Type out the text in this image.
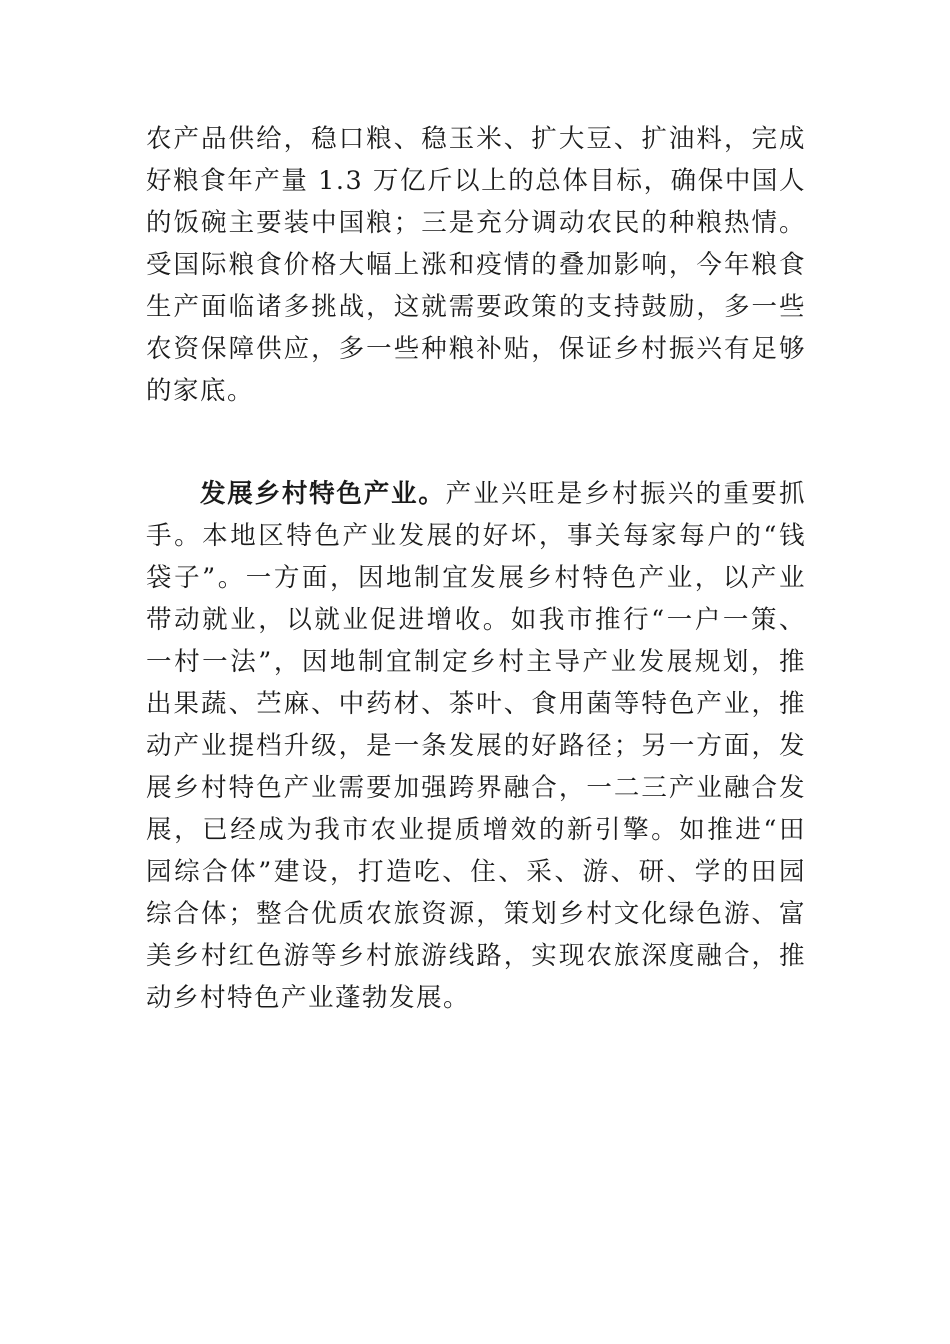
农产品供给，稳口粮、稳玉米、扩大豆、扩油料，完成好粮食年产量 1.3 万亿斤以上的总体目标，确保中国人的饭碗主要装中国粮；三是充分调动农民的种粮热情。受国际粮食价格大幅上涨和疫情的叠加影响，今年粮食生产面临诸多挑战，这就需要政策的支持鼓励，多一些农资保障供应，多一些种粮补贴，保证乡村振兴有足够的家底。
发展乡村特色产业。产业兴旺是乡村振兴的重要抓手。本地区特色产业发展的好坏，事关每家每户的“钱袋子”。一方面，因地制宜发展乡村特色产业，以产业带动就业，以就业促进增收。如我市推行“一户一策、一村一法”，因地制宜制定乡村主导产业发展规划，推出果蔬、苎麻、中药材、茶叶、食用菌等特色产业，推动产业提档升级，是一条发展的好路径；另一方面，发展乡村特色产业需要加强跨界融合，一二三产业融合发展，已经成为我市农业提质增效的新引擎。如推进“田园综合体”建设，打造吃、住、采、游、研、学的田园综合体；整合优质农旅资源，策划乡村文化绿色游、富美乡村红色游等乡村旅游线路，实现农旅深度融合，推动乡村特色产业蓬勃发展。
